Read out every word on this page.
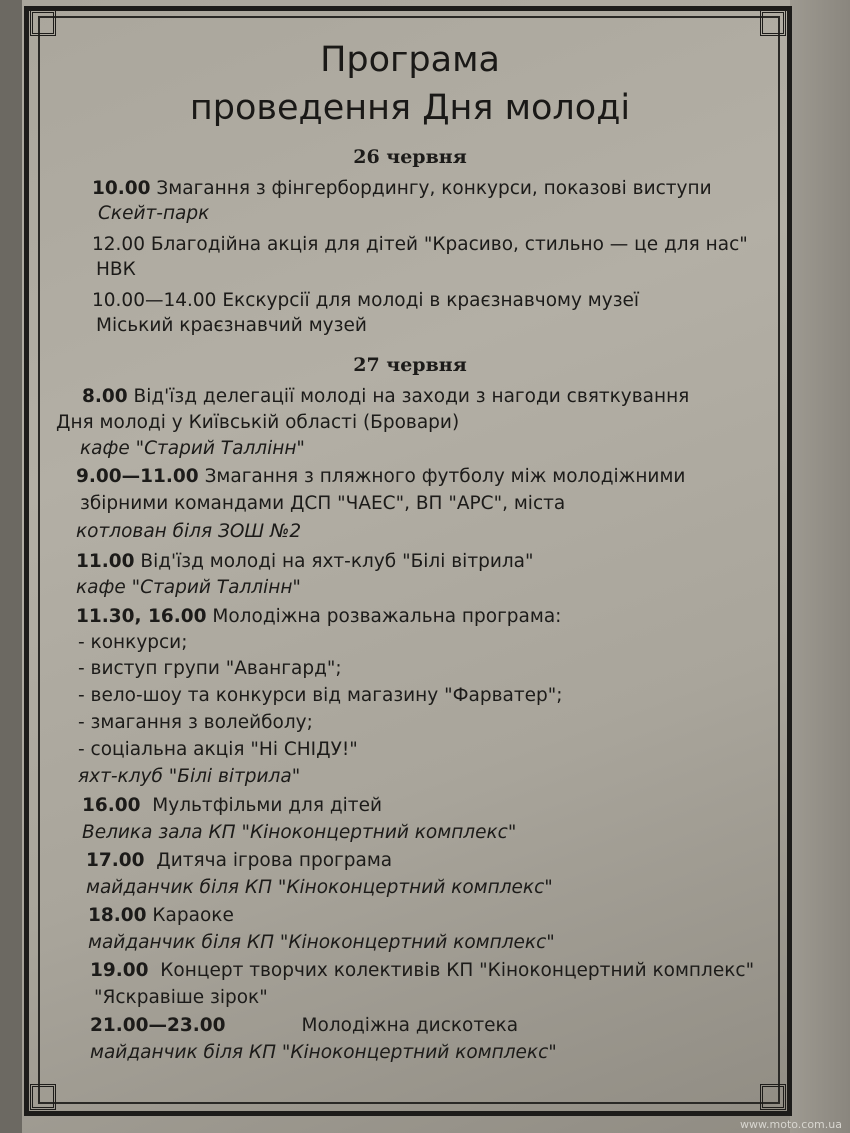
Програма

проведення Дня молоді

26 червня

10.00 Змагання з фінгербордингу, конкурси, показові виступи
Скейт-парк
12.00 Благодійна акція для дітей "Красиво, стильно — це для нас"
НВК
10.00—14.00 Екскурсії для молоді в краєзнавчому музеї
Міський краєзнавчий музей

27 червня

8.00 Від'їзд делегації молоді на заходи з нагоди святкування
Дня молоді у Київській області (Бровари)
кафе "Старий Таллінн"
9.00—11.00 Змагання з пляжного футболу між молодіжними
збірними командами ДСП "ЧАЕС", ВП "АРС", міста
котлован біля ЗОШ №2
11.00 Від'їзд молоді на яхт-клуб "Білі вітрила"
кафе "Старий Таллінн"
11.30, 16.00 Молодіжна розважальна програма:
- конкурси;
- виступ групи "Авангард";
- вело-шоу та конкурси від магазину "Фарватер";
- змагання з волейболу;
- соціальна акція "Ні СНІДУ!"
яхт-клуб "Білі вітрила"
16.00 Мультфільми для дітей
Велика зала КП "Кіноконцертний комплекс"
17.00 Дитяча ігрова програма
майданчик біля КП "Кіноконцертний комплекс"
18.00 Караоке
майданчик біля КП "Кіноконцертний комплекс"
19.00 Концерт творчих колективів КП "Кіноконцертний комплекс"
"Яскравіше зірок"
21.00—23.00	Молодіжна дискотека
майданчик біля КП "Кіноконцертний комплекс"
www.moto.com.ua
